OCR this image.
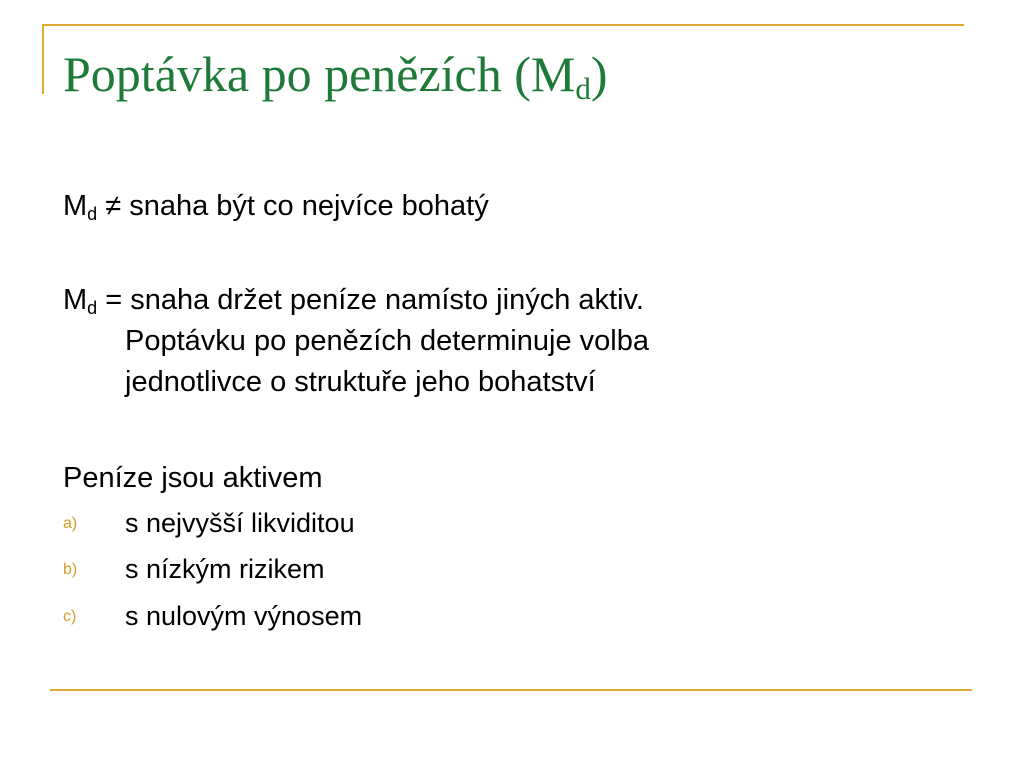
Poptávka po penězích $(M_d)$

$M_d$ ≠ snaha být co nejvíce bohatý

$M_d$ = snaha držet peníze namísto jiných aktiv.
Poptávku po penězích determinuje volba
jednotlivce o struktuře jeho bohatství

Peníze jsou aktivem

a) s nejvyšší likviditou
b) s nízkým rizikem
c) s nulovým výnosem
